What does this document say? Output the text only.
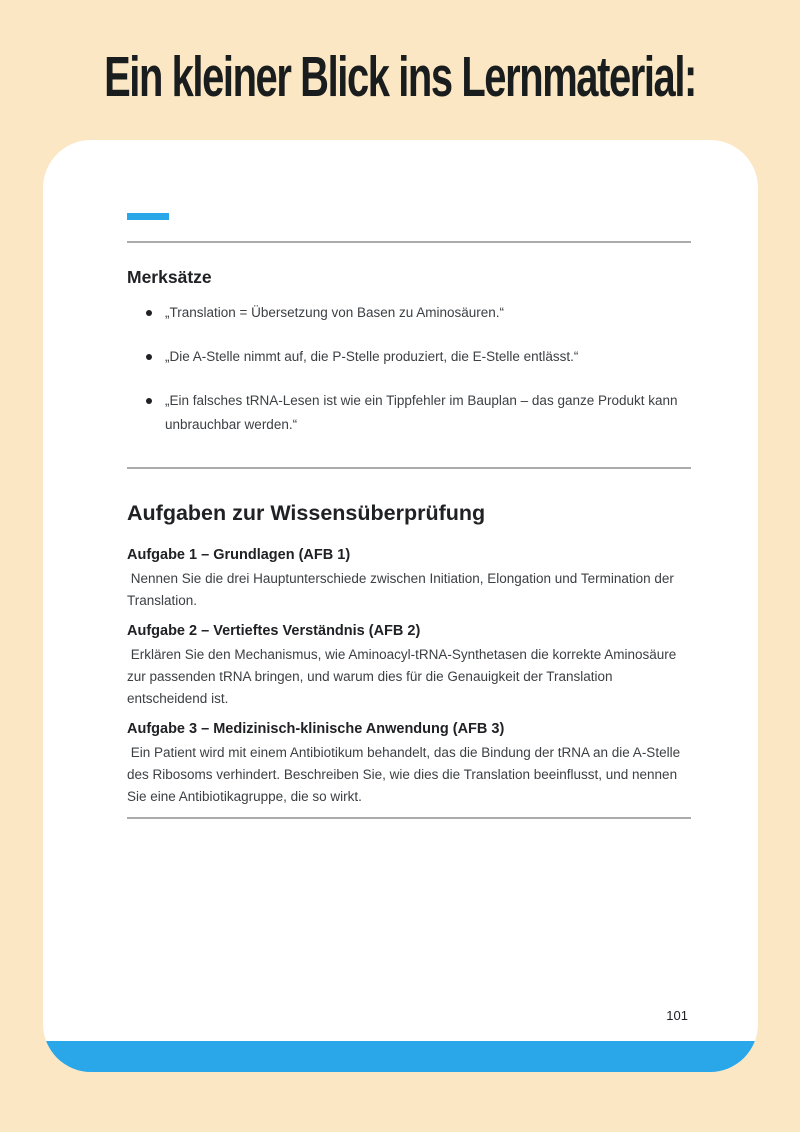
Ein kleiner Blick ins Lernmaterial:
Merksätze
„Translation = Übersetzung von Basen zu Aminosäuren.“
„Die A-Stelle nimmt auf, die P-Stelle produziert, die E-Stelle entlässt.“
„Ein falsches tRNA-Lesen ist wie ein Tippfehler im Bauplan – das ganze Produkt kann unbrauchbar werden.“
Aufgaben zur Wissensüberprüfung
Aufgabe 1 – Grundlagen (AFB 1)

Nennen Sie die drei Hauptunterschiede zwischen Initiation, Elongation und Termination der Translation.

Aufgabe 2 – Vertieftes Verständnis (AFB 2)

Erklären Sie den Mechanismus, wie Aminoacyl-tRNA-Synthetasen die korrekte Aminosäure zur passenden tRNA bringen, und warum dies für die Genauigkeit der Translation entscheidend ist.

Aufgabe 3 – Medizinisch-klinische Anwendung (AFB 3)

Ein Patient wird mit einem Antibiotikum behandelt, das die Bindung der tRNA an die A-Stelle des Ribosoms verhindert. Beschreiben Sie, wie dies die Translation beeinflusst, und nennen Sie eine Antibiotikagruppe, die so wirkt.

101
